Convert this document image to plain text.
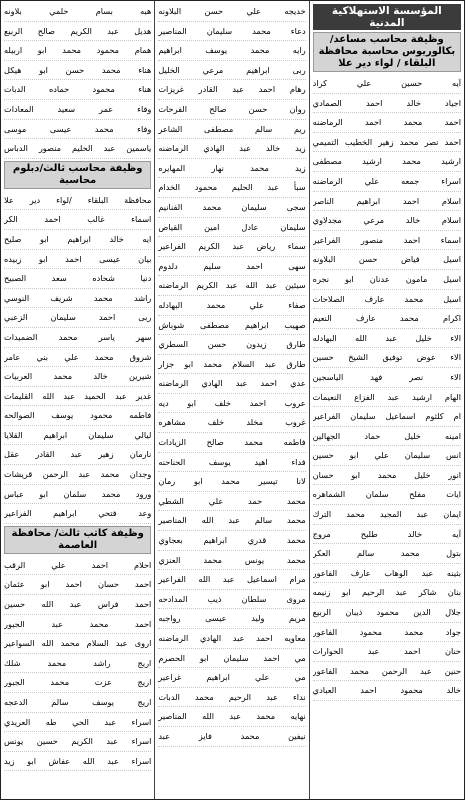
المؤسسة الاستهلاكية المدنية
وظيفة محاسب مساعد/ بكالوريوس محاسبة محافظة البلقاء / لواء دير علا
آيه حسين علي كراد
اجياد خالد احمد الصمادي
احمد محمد احمد الرماضنه
احمد نصر محمد زهير الخطيب التميمي
ارشيد محمد ارشيد مصطفى
اسراء جمعه علي الرماضنه
اسلام احمد ابراهيم الناصر
اسلام خالد مرعي مجدلاوي
اسماء احمد منصور الفراعير
اسيل فياض حسن البلاونه
اسيل مامون عدنان ابو نجره
اسيل محمد عارف الصلاحات
اكرام محمد عارف النعيم
الاء خليل عبد الله البهادله
الاء عوض توفيق الشيخ حسين
الاء نصر فهد الياسجين
الهام ارشيد عبد الفزاع النعيمات
ام كلثوم اسماعيل سليمان الفراعير
امينه خليل حماد الجهالين
انس سليمان علي ابو حسين
انور خليل محمد ابو حسان
ايات مفلح سلمان الشماهره
ايمان عبد المجيد محمد الترك
آيه خالد طليح مروج
بتول محمد سالم العكر
بثينه عبد الوهاب عارف الفاعور
بنان شاكر عبد الرحيم ابو زنيمه
جلال الدين محمود ذيبان الربيع
جواد محمد محمود الفاعور
حنان احمد عبد الحوارات
حنين عبد الرحمن محمد الفاعور
خالد محمود احمد العبادي
خديجه علي حسن البلاونه
دعاء محمد سليمان المناصير
رايه محمد يوسف ابراهيم
ربى ابراهيم مرعي الخليل
رهام احمد عبد القادر غريزات
روان حسن صالح الفرحات
ريم سالم مصطفى الشاعر
زيد خالد عبد الهادي الرماضنه
زيد محمد نهار المهايره
سبأ عبد الحليم محمود الخدام
سجى سليمان محمد الفنانيم
سليمان عادل امين القياص
سماء رياض عبد الكريم الفراعير
سهى احمد سليم دلدوم
سيئين عبد الله عبد الكريم الرماضنه
صفاء علي محمد البهادله
صهيب ابراهيم مصطفى شوباش
طارق زيدون حسن السطري
طارق عبد السلام محمد ابو جزار
عدي احمد عبد الهادي الرماضنه
عروب احمد خلف ابو ديه
غروب مخلد خلف مشاهره
فاطمه محمد صالح الزيادات
فداء اهيد يوسف الحناحنه
لانا تيسير محمد ابو رمان
محمد حمد علي الشطي
محمد سالم عبد الله المناصير
محمد قدري ابراهيم بعجاوي
محمد يونس محمد العنزي
مرام اسماعيل عبد الله الفراعير
مروى سلطان ذيب المدادحه
مريم وليد عيسى رواجبه
معاويه احمد عبد الهادي الرماضنه
مي احمد سليمان ابو الحصرم
مي علي ابراهيم غراعير
نداء عبد الرحيم محمد الدبات
نهايه محمد عبد الله المناصير
نيفين محمد فايز عبد
هبه بسام حلمي بلاونه
هديل عبد الكريم صالح الربيع
همام محمود محمد ابو اربيله
هناء محمد حسن ابو هيكل
هناء محمود حماده الدبات
وفاء عمر سعيد المعادات
وفاء محمد عيسى موسى
ياسمين عبد الحليم منصور الدباس
وظيفة محاسب ثالث/دبلوم محاسبة
محافظة البلقاء /لواء دير علا
اسماء غالب احمد الكر
ايه خالد ابراهيم ابو صليح
بيان عيسى احمد ابو زبيده
دنيا شحاده سعد الصبيح
راشد محمد شريف النوسي
ربى احمد سليمان الزعبي
سهر ياسر محمد الضميدات
شروق محمد علي بني عامر
شيرين خالد محمد العربيات
غدير عبد الحميد عبد الله القليمات
فاطمه محمود يوسف الصوالحه
ليالي سليمان ابراهيم القلايا
نارمان زهير عبد القادر عقل
وجدان محمد عبد الرحمن قريشات
ورود محمد سلمان ابو عباس
وعد فتحي ابراهيم الفراعير
وظيفة كاتب ثالث/ محافظة العاصمة
احلام احمد علي الرقب
احمد حسان احمد ابو عثمان
احمد فراس عبد الله حسين
احمد محمد عبد الجبور
اروى عبد السلام محمد الله السواعير
اريج راشد محمد شلك
اريج عزت محمد الجبور
اريج يوسف سالم الدعجه
اسراء عبد الحي طه العريدي
اسراء عبد الكريم حسين يونس
اسراء عبد الله عفاش ابو زيد
